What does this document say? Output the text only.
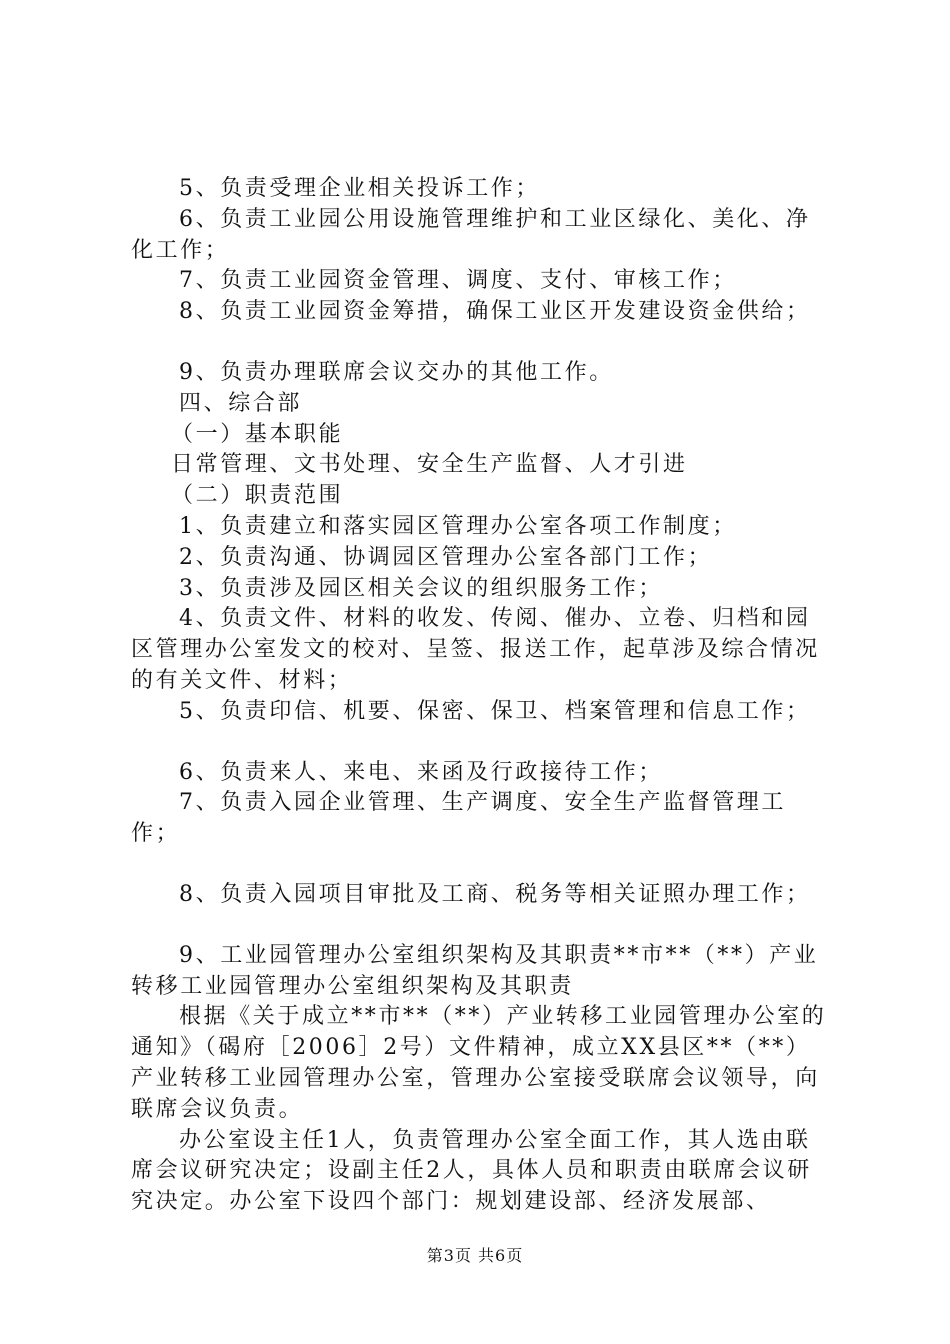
5、负责受理企业相关投诉工作；

6、负责工业园公用设施管理维护和工业区绿化、美化、净化工作；

7、负责工业园资金管理、调度、支付、审核工作；

8、负责工业园资金筹措，确保工业区开发建设资金供给；

9、负责办理联席会议交办的其他工作。

四、综合部

（一）基本职能

日常管理、文书处理、安全生产监督、人才引进

（二）职责范围

1、负责建立和落实园区管理办公室各项工作制度；

2、负责沟通、协调园区管理办公室各部门工作；

3、负责涉及园区相关会议的组织服务工作；

4、负责文件、材料的收发、传阅、催办、立卷、归档和园区管理办公室发文的校对、呈签、报送工作，起草涉及综合情况的有关文件、材料；

5、负责印信、机要、保密、保卫、档案管理和信息工作；

6、负责来人、来电、来函及行政接待工作；

7、负责入园企业管理、生产调度、安全生产监督管理工作；

8、负责入园项目审批及工商、税务等相关证照办理工作；

9、工业园管理办公室组织架构及其职责**市**（**）产业转移工业园管理办公室组织架构及其职责

根据《关于成立**市**（**）产业转移工业园管理办公室的通知》（碣府［2006］2号）文件精神，成立XX县区**（**）产业转移工业园管理办公室，管理办公室接受联席会议领导，向联席会议负责。

办公室设主任1人，负责管理办公室全面工作，其人选由联席会议研究决定；设副主任2人，具体人员和职责由联席会议研究决定。办公室下设四个部门：规划建设部、经济发展部、

第3页 共6页
